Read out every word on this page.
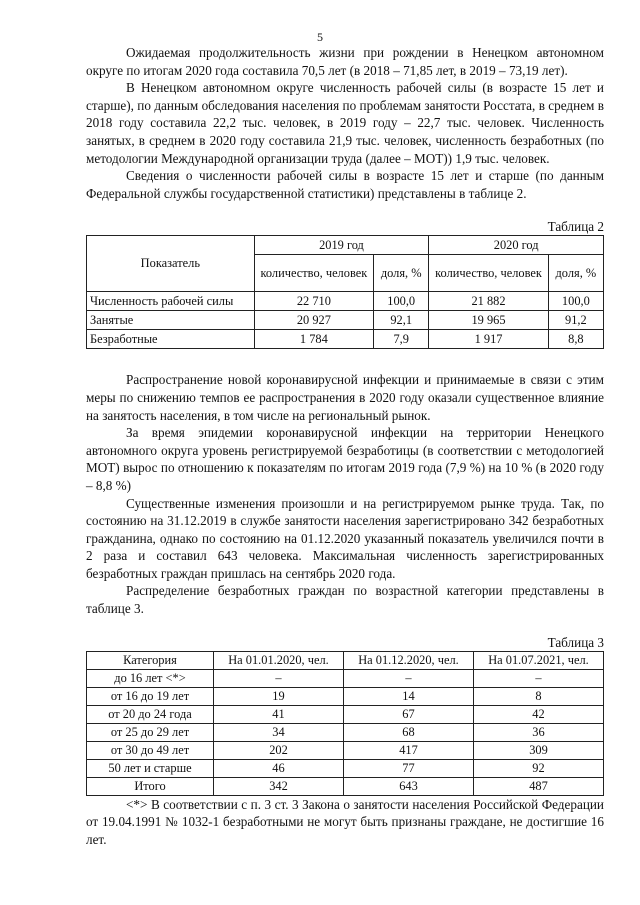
5

Ожидаемая продолжительность жизни при рождении в Ненецком автономном округе по итогам 2020 года составила 70,5 лет (в 2018 – 71,85 лет, в 2019 – 73,19 лет).

В Ненецком автономном округе численность рабочей силы (в возрасте 15 лет и старше), по данным обследования населения по проблемам занятости Росстата, в среднем в 2018 году составила 22,2 тыс. человек, в 2019 году – 22,7 тыс. человек. Численность занятых, в среднем в 2020 году составила 21,9 тыс. человек, численность безработных (по методологии Международной организации труда (далее – МОТ)) 1,9 тыс. человек.

Сведения о численности рабочей силы в возрасте 15 лет и старше (по данным Федеральной службы государственной статистики) представлены в таблице 2.

Таблица 2
Показатель	2019 год		2020 год	
	количество, человек	доля, %	количество, человек	доля, %
Численность рабочей силы	22 710	100,0	21 882	100,0
Занятые	20 927	92,1	19 965	91,2
Безработные	1 784	7,9	1 917	8,8

Распространение новой коронавирусной инфекции и принимаемые в связи с этим меры по снижению темпов ее распространения в 2020 году оказали существенное влияние на занятость населения, в том числе на региональный рынок.

За время эпидемии коронавирусной инфекции на территории Ненецкого автономного округа уровень регистрируемой безработицы (в соответствии с методологией МОТ) вырос по отношению к показателям по итогам 2019 года (7,9 %) на 10 % (в 2020 году – 8,8 %)

Существенные изменения произошли и на регистрируемом рынке труда. Так, по состоянию на 31.12.2019 в службе занятости населения зарегистрировано 342 безработных гражданина, однако по состоянию на 01.12.2020 указанный показатель увеличился почти в 2 раза и составил 643 человека. Максимальная численность зарегистрированных безработных граждан пришлась на сентябрь 2020 года.

Распределение безработных граждан по возрастной категории представлены в таблице 3.

Таблица 3
Категория	На 01.01.2020, чел.	На 01.12.2020, чел.	На 01.07.2021, чел.
до 16 лет <*>	–	–	–
от 16 до 19 лет	19	14	8
от 20 до 24 года	41	67	42
от 25 до 29 лет	34	68	36
от 30 до 49 лет	202	417	309
50 лет и старше	46	77	92
Итого	342	643	487

<*> В соответствии с п. 3 ст. 3 Закона о занятости населения Российской Федерации от 19.04.1991 № 1032-1 безработными не могут быть признаны граждане, не достигшие 16 лет.
